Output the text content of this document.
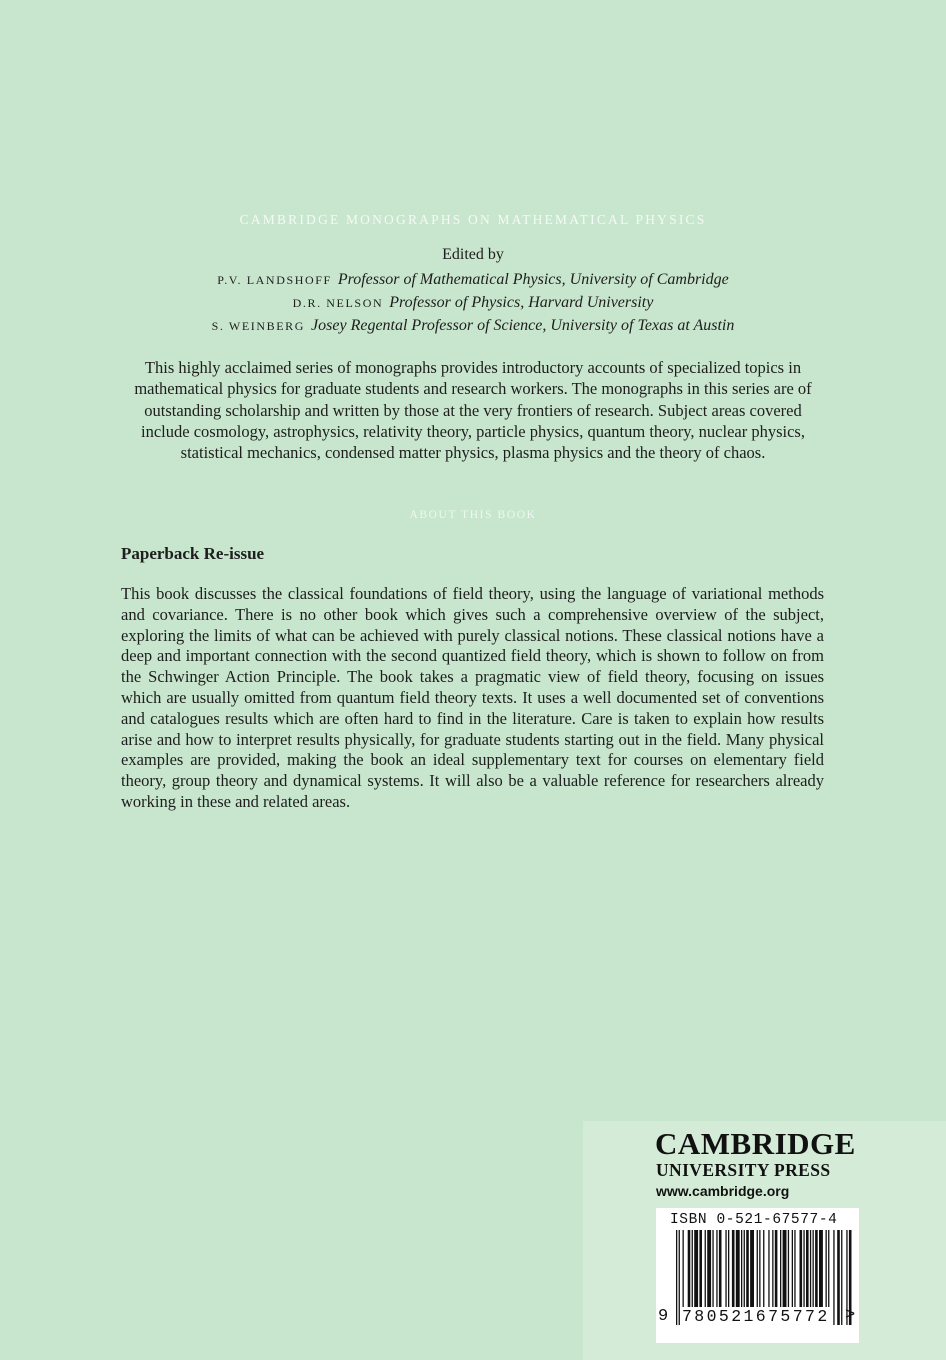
CAMBRIDGE MONOGRAPHS ON MATHEMATICAL PHYSICS
Edited by
P.V. LANDSHOFF Professor of Mathematical Physics, University of Cambridge
D.R. NELSON Professor of Physics, Harvard University
S. WEINBERG Josey Regental Professor of Science, University of Texas at Austin
This highly acclaimed series of monographs provides introductory accounts of specialized topics in mathematical physics for graduate students and research workers. The monographs in this series are of outstanding scholarship and written by those at the very frontiers of research. Subject areas covered include cosmology, astrophysics, relativity theory, particle physics, quantum theory, nuclear physics, statistical mechanics, condensed matter physics, plasma physics and the theory of chaos.
ABOUT THIS BOOK
Paperback Re-issue
This book discusses the classical foundations of field theory, using the language of variational methods and covariance. There is no other book which gives such a comprehensive overview of the subject, exploring the limits of what can be achieved with purely classical notions. These classical notions have a deep and important connection with the second quantized field theory, which is shown to follow on from the Schwinger Action Principle. The book takes a pragmatic view of field theory, focusing on issues which are usually omitted from quantum field theory texts. It uses a well documented set of conventions and catalogues results which are often hard to find in the literature. Care is taken to explain how results arise and how to interpret results physically, for graduate students starting out in the field. Many physical examples are provided, making the book an ideal supplementary text for courses on elementary field theory, group theory and dynamical systems. It will also be a valuable reference for researchers already working in these and related areas.
CAMBRIDGE
UNIVERSITY PRESS
www.cambridge.org
ISBN 0-521-67577-4
9 780521675772 >
